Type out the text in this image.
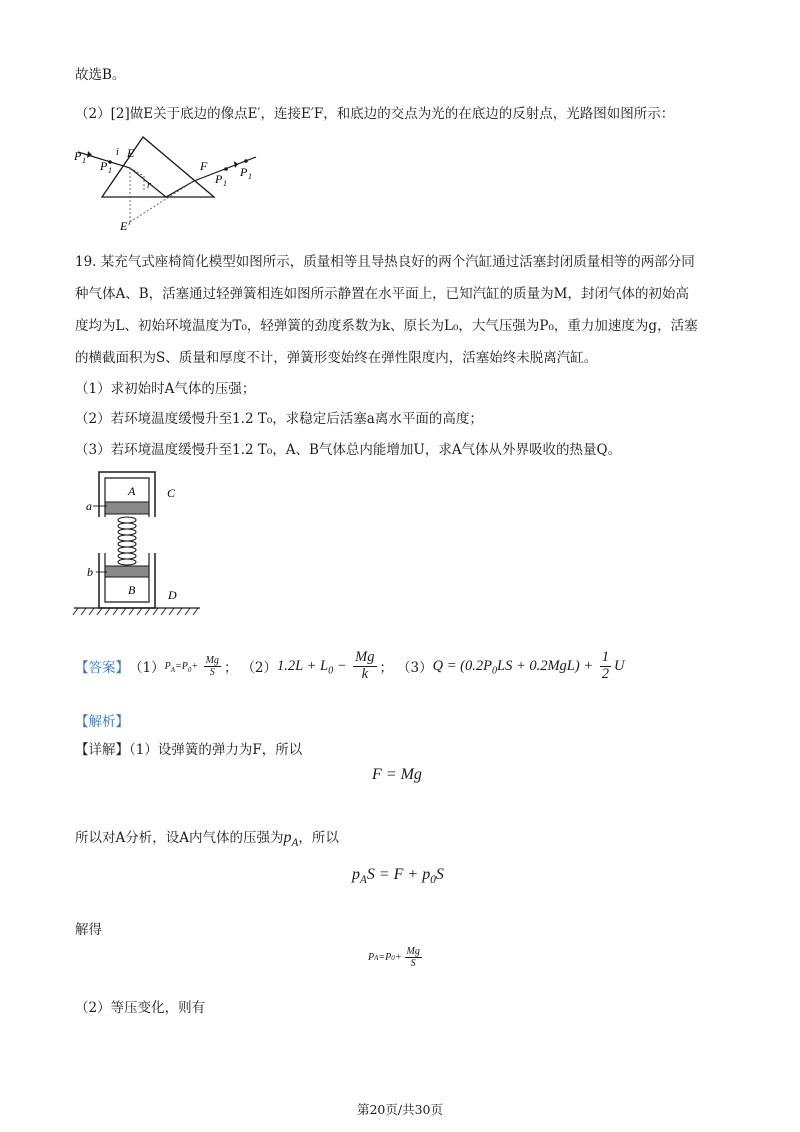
故选B。
（2）[2]做E关于底边的像点E′，连接E′F，和底边的交点为光的在底边的反射点，光路图如图所示：
P 1 P 1
i E
F
P 1
P 1
r
E′
19. 某充气式座椅简化模型如图所示，质量相等且导热良好的两个汽缸通过活塞封闭质量相等的两部分同
种气体A、B，活塞通过轻弹簧相连如图所示静置在水平面上，已知汽缸的质量为M，封闭气体的初始高
度均为L、初始环境温度为T₀，轻弹簧的劲度系数为k、原长为L₀，大气压强为P₀，重力加速度为g，活塞
的横截面积为S、质量和厚度不计，弹簧形变始终在弹性限度内，活塞始终未脱离汽缸。
（1）求初始时A气体的压强；
（2）若环境温度缓慢升至1.2 T₀，求稳定后活塞a离水平面的高度；
（3）若环境温度缓慢升至1.2 T₀，A、B气体总内能增加U，求A气体从外界吸收的热量Q。
A
B
C
D
a
b
【答案】 （1） $P_A=P_0+ \frac{Mg}{S}$ ； （2） $1.2L + L_0 - \frac{Mg}{k}$ ； （3） $Q = (0.2P_0LS + 0.2MgL) + \frac{1}{2}$ U
【解析】
【详解】（1）设弹簧的弹力为F，所以
F = Mg
所以对A分析，设A内气体的压强为$p_A$，所以
$p_AS = F + p_0S$
解得
P A =P $0 + \frac{Mg}{S}$
（2）等压变化，则有
第20页/共30页
